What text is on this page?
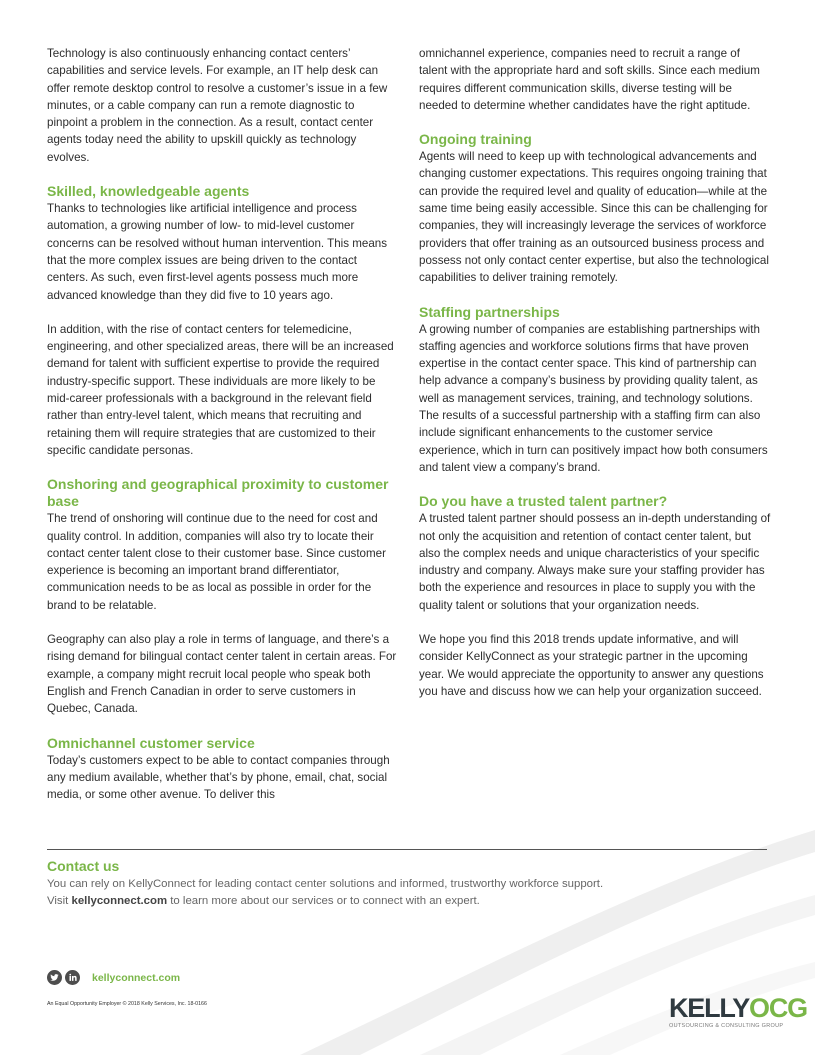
Technology is also continuously enhancing contact centers’ capabilities and service levels. For example, an IT help desk can offer remote desktop control to resolve a customer’s issue in a few minutes, or a cable company can run a remote diagnostic to pinpoint a problem in the connection. As a result, contact center agents today need the ability to upskill quickly as technology evolves.

Skilled, knowledgeable agents

Thanks to technologies like artificial intelligence and process automation, a growing number of low- to mid-level customer concerns can be resolved without human intervention. This means that the more complex issues are being driven to the contact centers. As such, even first-level agents possess much more advanced knowledge than they did five to 10 years ago.

In addition, with the rise of contact centers for telemedicine, engineering, and other specialized areas, there will be an increased demand for talent with sufficient expertise to provide the required industry-specific support. These individuals are more likely to be mid-career professionals with a background in the relevant field rather than entry-level talent, which means that recruiting and retaining them will require strategies that are customized to their specific candidate personas.

Onshoring and geographical proximity to customer base

The trend of onshoring will continue due to the need for cost and quality control. In addition, companies will also try to locate their contact center talent close to their customer base. Since customer experience is becoming an important brand differentiator, communication needs to be as local as possible in order for the brand to be relatable.

Geography can also play a role in terms of language, and there’s a rising demand for bilingual contact center talent in certain areas. For example, a company might recruit local people who speak both English and French Canadian in order to serve customers in Quebec, Canada.

Omnichannel customer service

Today’s customers expect to be able to contact companies through any medium available, whether that’s by phone, email, chat, social media, or some other avenue. To deliver this

omnichannel experience, companies need to recruit a range of talent with the appropriate hard and soft skills. Since each medium requires different communication skills, diverse testing will be needed to determine whether candidates have the right aptitude.

Ongoing training

Agents will need to keep up with technological advancements and changing customer expectations. This requires ongoing training that can provide the required level and quality of education—while at the same time being easily accessible. Since this can be challenging for companies, they will increasingly leverage the services of workforce providers that offer training as an outsourced business process and possess not only contact center expertise, but also the technological capabilities to deliver training remotely.

Staffing partnerships

A growing number of companies are establishing partnerships with staffing agencies and workforce solutions firms that have proven expertise in the contact center space. This kind of partnership can help advance a company’s business by providing quality talent, as well as management services, training, and technology solutions. The results of a successful partnership with a staffing firm can also include significant enhancements to the customer service experience, which in turn can positively impact how both consumers and talent view a company’s brand.

Do you have a trusted talent partner?

A trusted talent partner should possess an in-depth understanding of not only the acquisition and retention of contact center talent, but also the complex needs and unique characteristics of your specific industry and company. Always make sure your staffing provider has both the experience and resources in place to supply you with the quality talent or solutions that your organization needs.

We hope you find this 2018 trends update informative, and will consider KellyConnect as your strategic partner in the upcoming year. We would appreciate the opportunity to answer any questions you have and discuss how we can help your organization succeed.

Contact us
You can rely on KellyConnect for leading contact center solutions and informed, trustworthy workforce support.
Visit kellyconnect.com to learn more about our services or to connect with an expert.
kellyconnect.com
An Equal Opportunity Employer © 2018 Kelly Services, Inc. 18-0166	KELLYOCG
OUTSOURCING & CONSULTING GROUP
